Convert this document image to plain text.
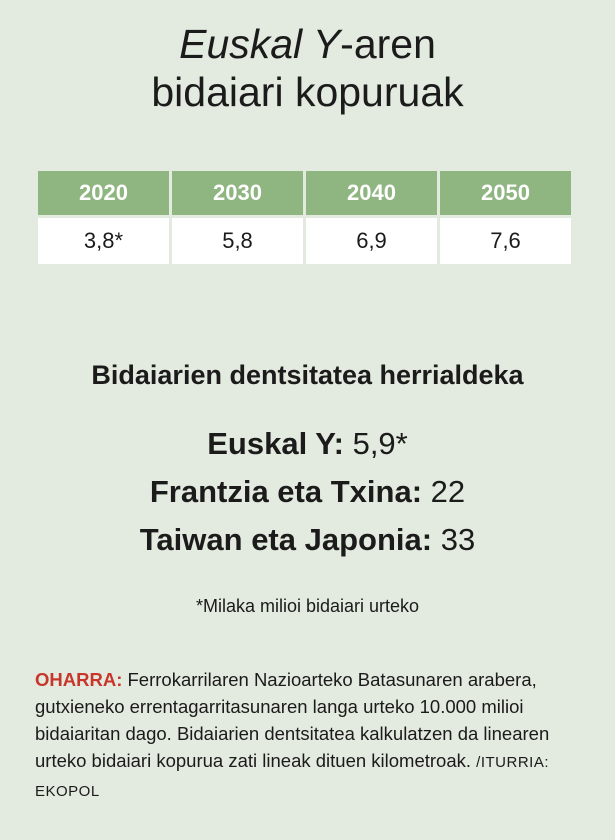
Euskal Y-aren
bidaiari kopuruak
2020	2030	2040	2050
3,8*	5,8	6,9	7,6
Bidaiarien dentsitatea herrialdeka
Euskal Y: 5,9*
Frantzia eta Txina: 22
Taiwan eta Japonia: 33
*Milaka milioi bidaiari urteko
OHARRA: Ferrokarrilaren Nazioarteko Batasunaren arabera, gutxieneko errentagarritasunaren langa urteko 10.000 milioi bidaiaritan dago. Bidaiarien dentsitatea kalkulatzen da linearen urteko bidaiari kopurua zati lineak dituen kilometroak. /ITURRIA: EKOPOL
